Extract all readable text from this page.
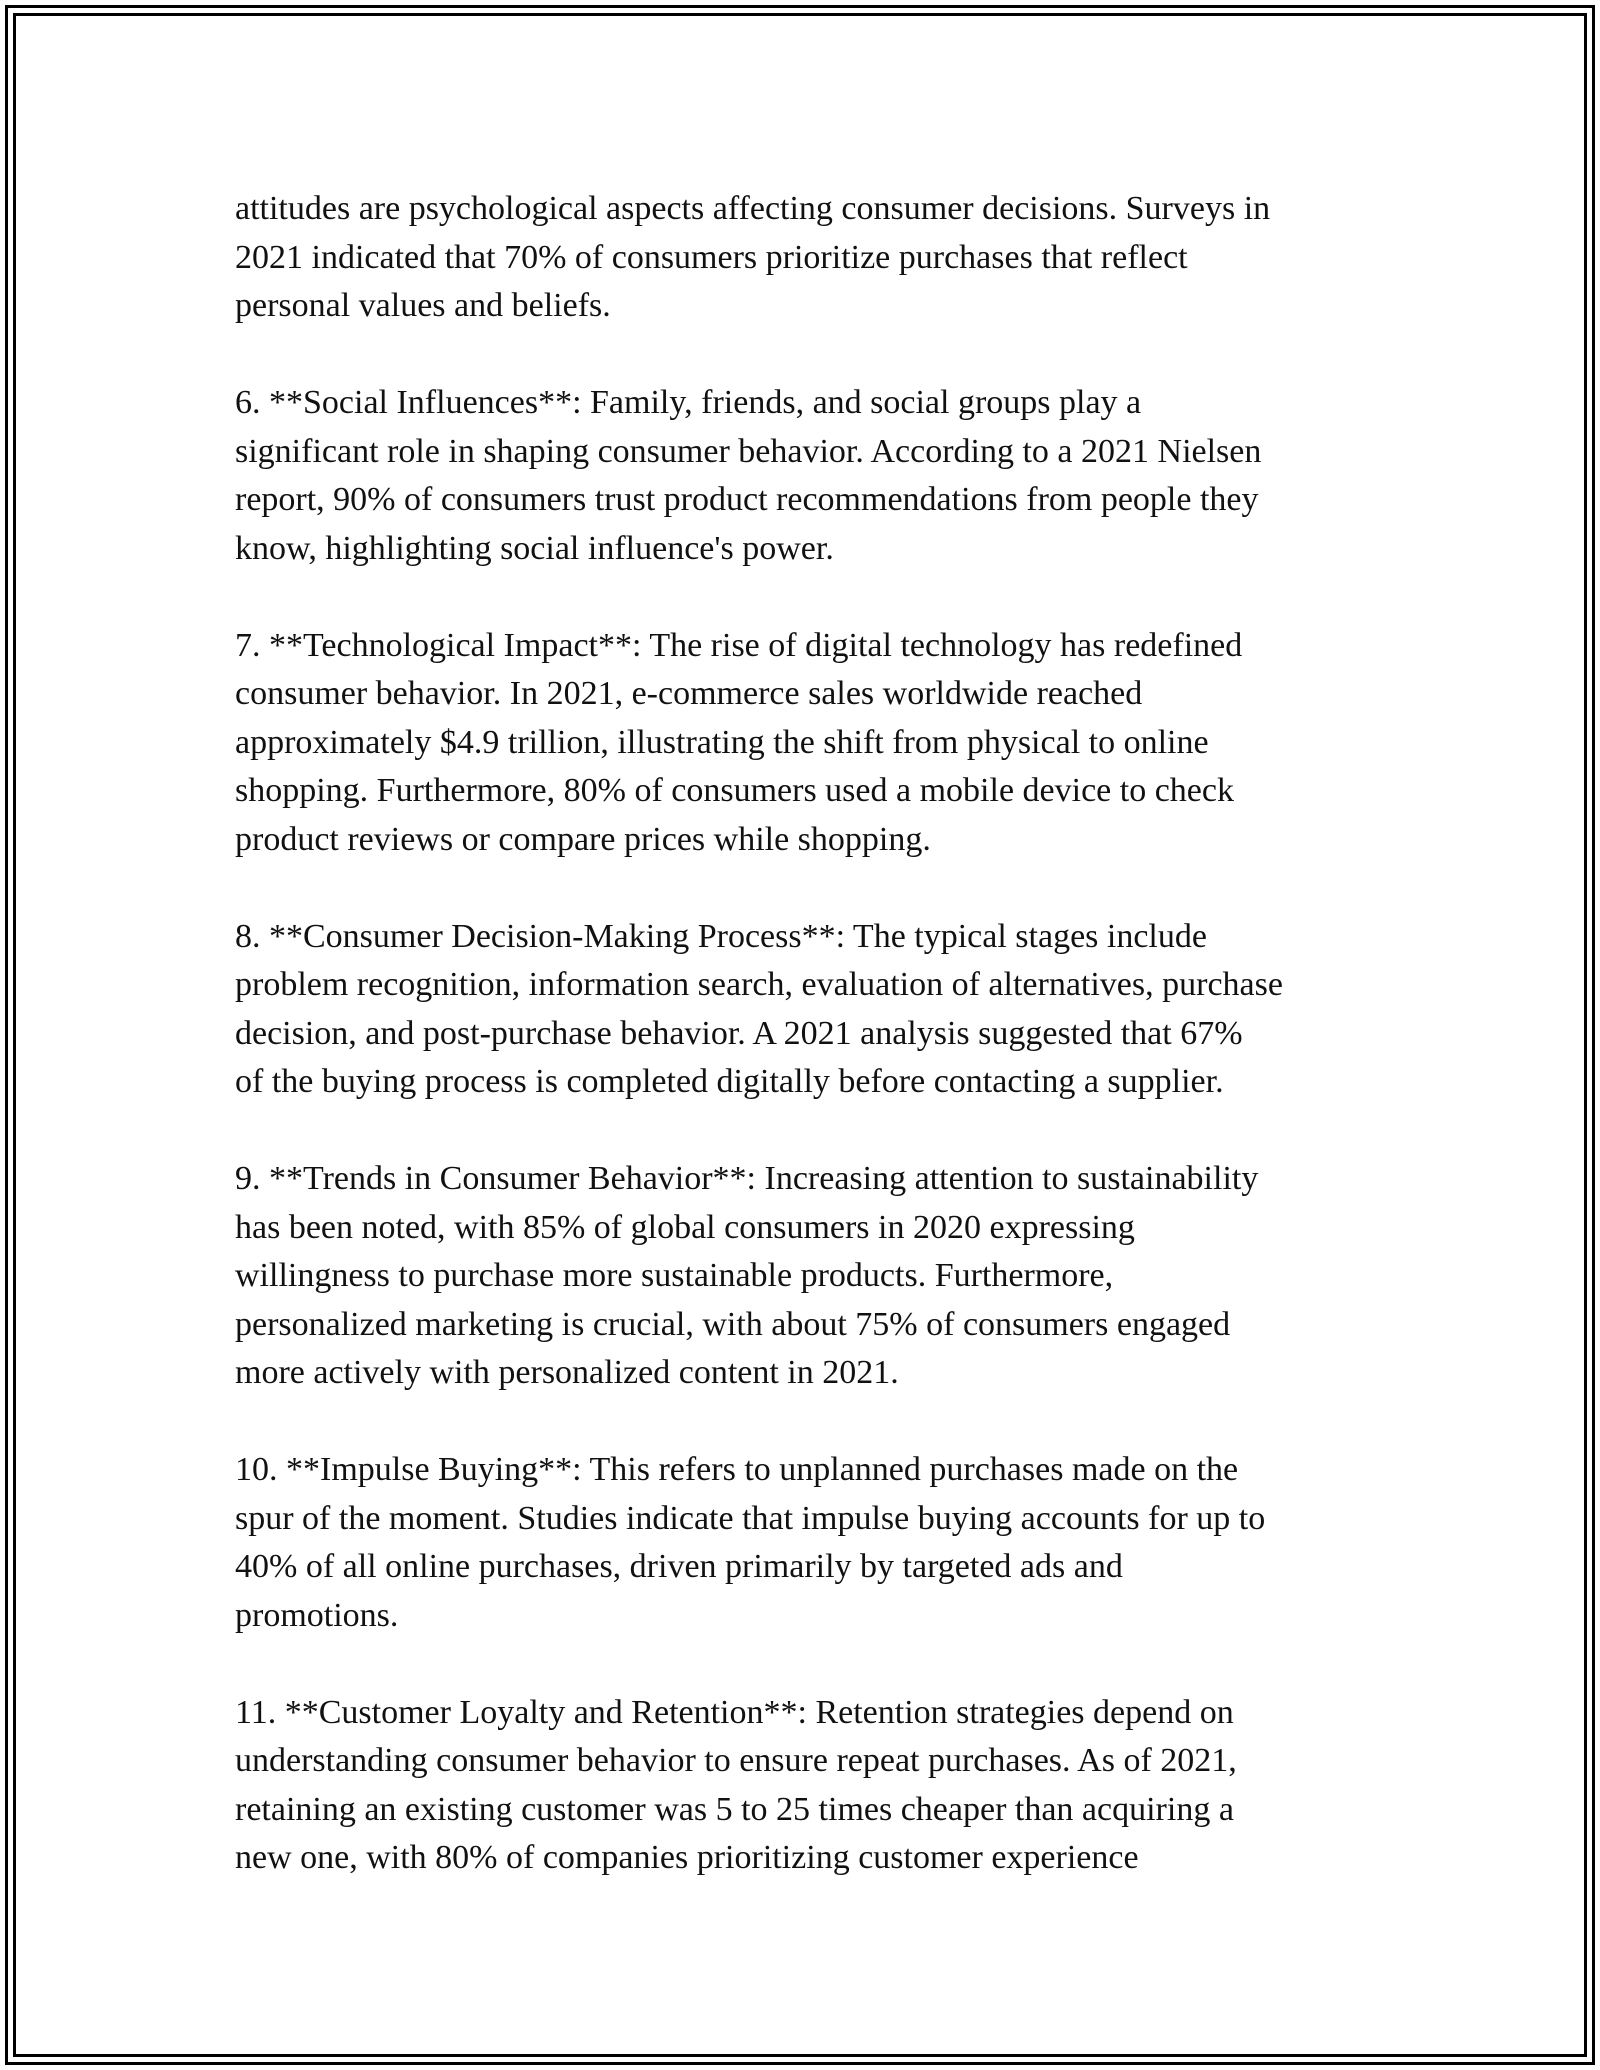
attitudes are psychological aspects affecting consumer decisions. Surveys in
2021 indicated that 70% of consumers prioritize purchases that reflect
personal values and beliefs.

6. **Social Influences**: Family, friends, and social groups play a
significant role in shaping consumer behavior. According to a 2021 Nielsen
report, 90% of consumers trust product recommendations from people they
know, highlighting social influence's power.

7. **Technological Impact**: The rise of digital technology has redefined
consumer behavior. In 2021, e-commerce sales worldwide reached
approximately $4.9 trillion, illustrating the shift from physical to online
shopping. Furthermore, 80% of consumers used a mobile device to check
product reviews or compare prices while shopping.

8. **Consumer Decision-Making Process**: The typical stages include
problem recognition, information search, evaluation of alternatives, purchase
decision, and post-purchase behavior. A 2021 analysis suggested that 67%
of the buying process is completed digitally before contacting a supplier.

9. **Trends in Consumer Behavior**: Increasing attention to sustainability
has been noted, with 85% of global consumers in 2020 expressing
willingness to purchase more sustainable products. Furthermore,
personalized marketing is crucial, with about 75% of consumers engaged
more actively with personalized content in 2021.

10. **Impulse Buying**: This refers to unplanned purchases made on the
spur of the moment. Studies indicate that impulse buying accounts for up to
40% of all online purchases, driven primarily by targeted ads and
promotions.

11. **Customer Loyalty and Retention**: Retention strategies depend on
understanding consumer behavior to ensure repeat purchases. As of 2021,
retaining an existing customer was 5 to 25 times cheaper than acquiring a
new one, with 80% of companies prioritizing customer experience
